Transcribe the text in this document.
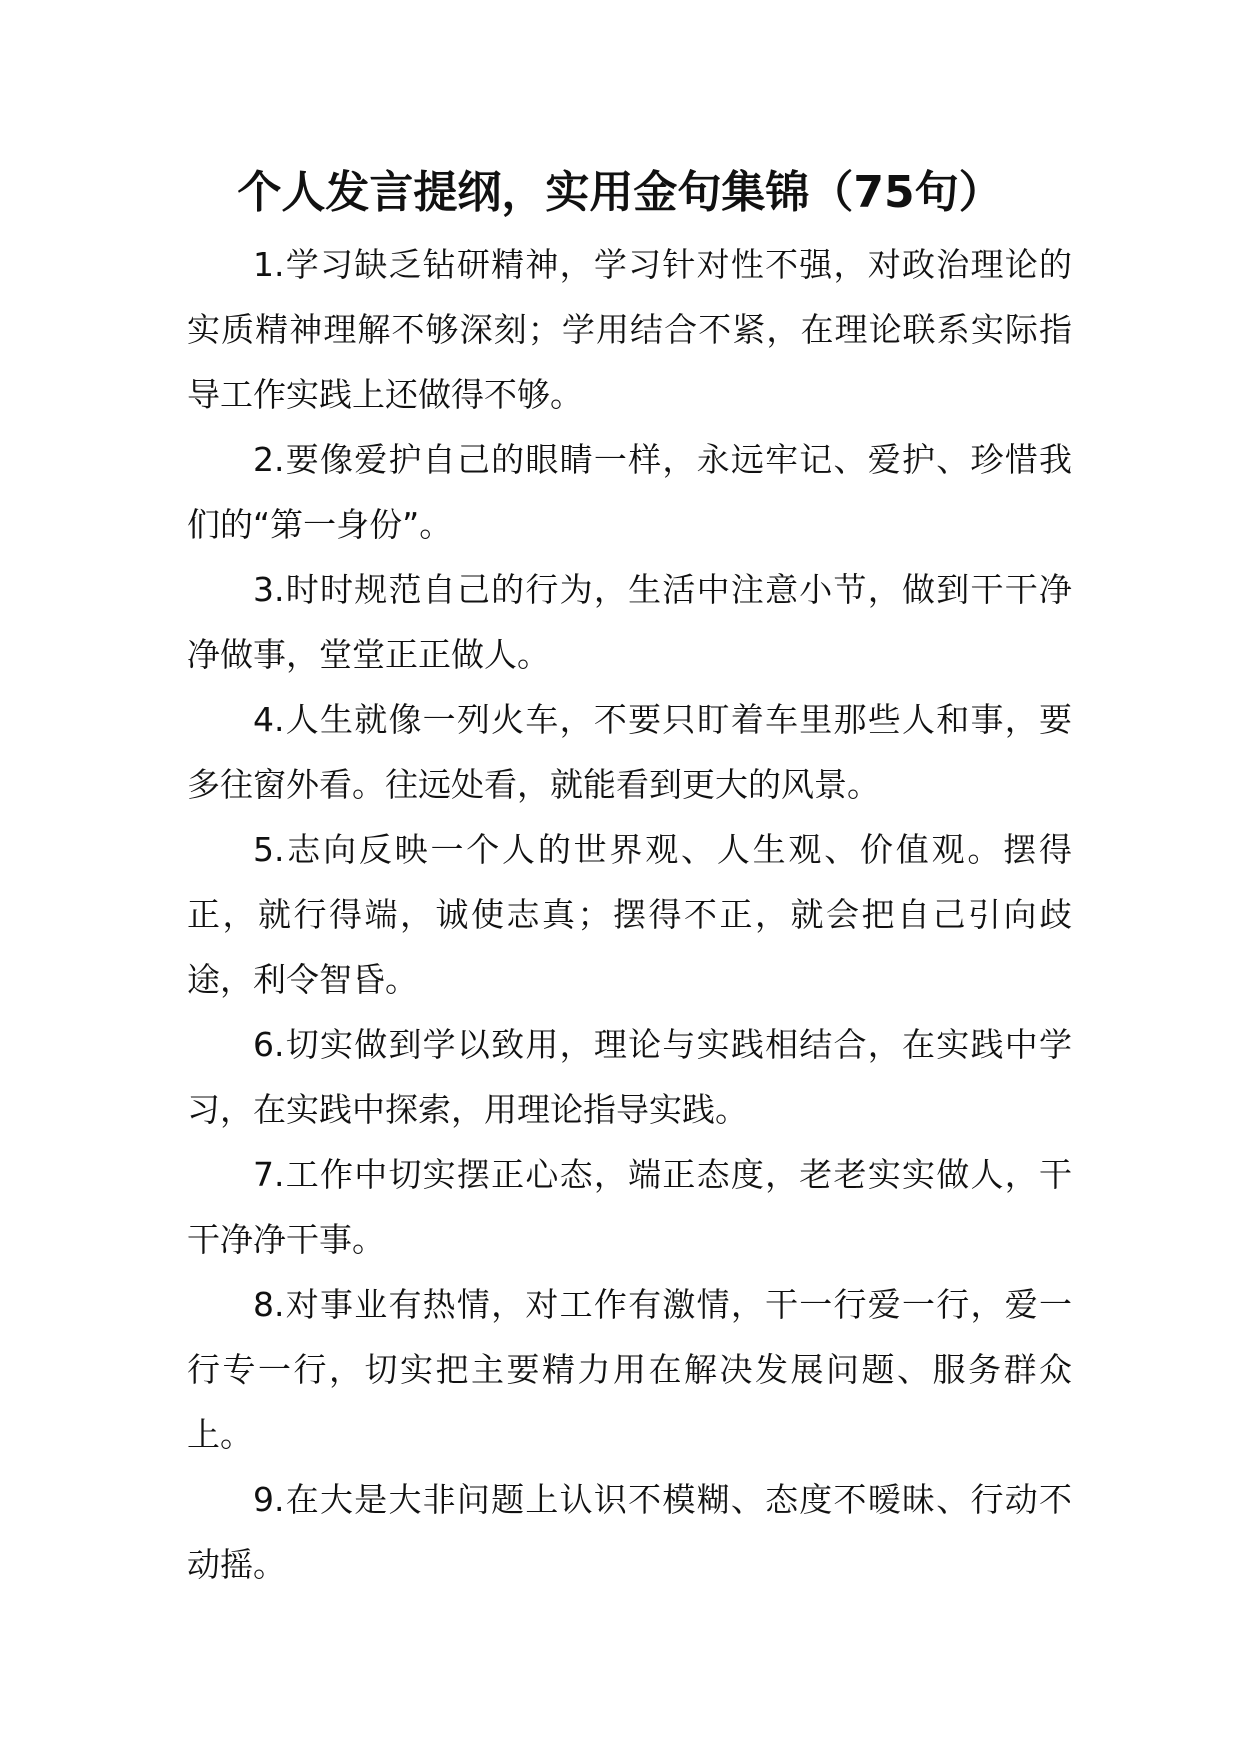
个人发言提纲，实用金句集锦（75句）

1.学习缺乏钻研精神，学习针对性不强，对政治理论的实质精神理解不够深刻；学用结合不紧，在理论联系实际指导工作实践上还做得不够。

2.要像爱护自己的眼睛一样，永远牢记、爱护、珍惜我们的“第一身份”。

3.时时规范自己的行为，生活中注意小节，做到干干净净做事，堂堂正正做人。

4.人生就像一列火车，不要只盯着车里那些人和事，要多往窗外看。往远处看，就能看到更大的风景。

5.志向反映一个人的世界观、人生观、价值观。摆得正，就行得端，诚使志真；摆得不正，就会把自己引向歧途，利令智昏。

6.切实做到学以致用，理论与实践相结合，在实践中学习，在实践中探索，用理论指导实践。

7.工作中切实摆正心态，端正态度，老老实实做人，干干净净干事。

8.对事业有热情，对工作有激情，干一行爱一行，爱一行专一行，切实把主要精力用在解决发展问题、服务群众上。

9.在大是大非问题上认识不模糊、态度不暧昧、行动不动摇。
